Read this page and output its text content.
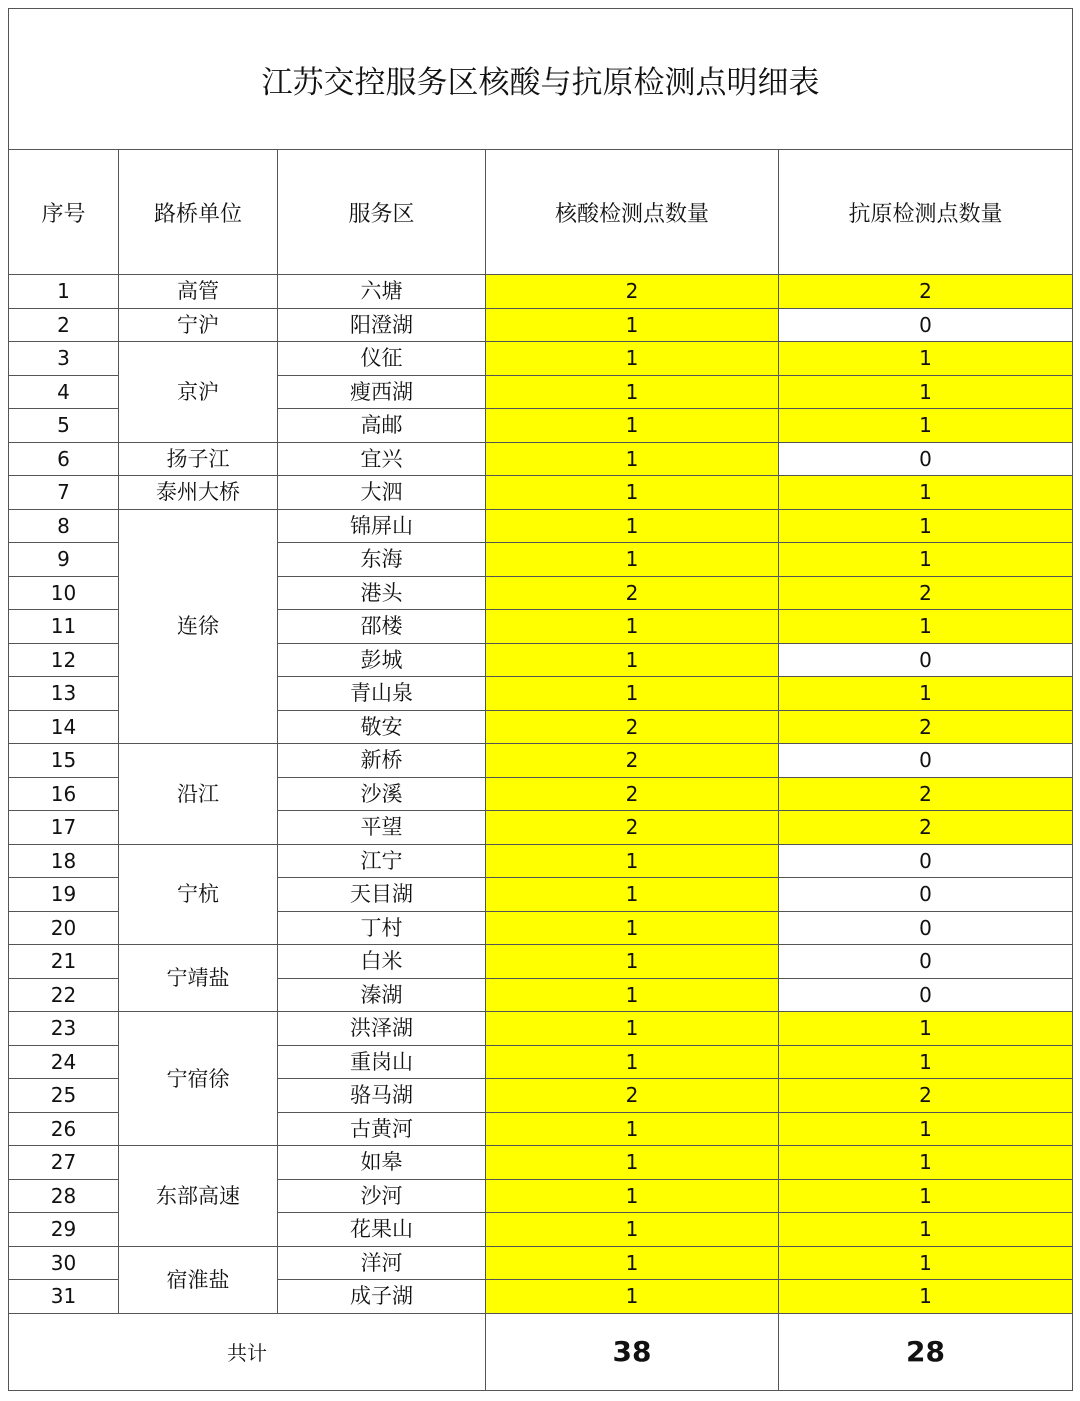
江苏交控服务区核酸与抗原检测点明细表				
序号	路桥单位	服务区	核酸检测点数量	抗原检测点数量
1	高管	六塘	2	2
2	宁沪	阳澄湖	1	0
3	京沪	仪征	1	1
4		瘦西湖	1	1
5		高邮	1	1
6	扬子江	宜兴	1	0
7	泰州大桥	大泗	1	1
8	连徐	锦屏山	1	1
9		东海	1	1
10		港头	2	2
11		邵楼	1	1
12		彭城	1	0
13		青山泉	1	1
14		敬安	2	2
15	沿江	新桥	2	0
16		沙溪	2	2
17		平望	2	2
18	宁杭	江宁	1	0
19		天目湖	1	0
20		丁村	1	0
21	宁靖盐	白米	1	0
22		溱湖	1	0
23	宁宿徐	洪泽湖	1	1
24		重岗山	1	1
25		骆马湖	2	2
26		古黄河	1	1
27	东部高速	如皋	1	1
28		沙河	1	1
29		花果山	1	1
30	宿淮盐	洋河	1	1
31		成子湖	1	1
共计			38	28
